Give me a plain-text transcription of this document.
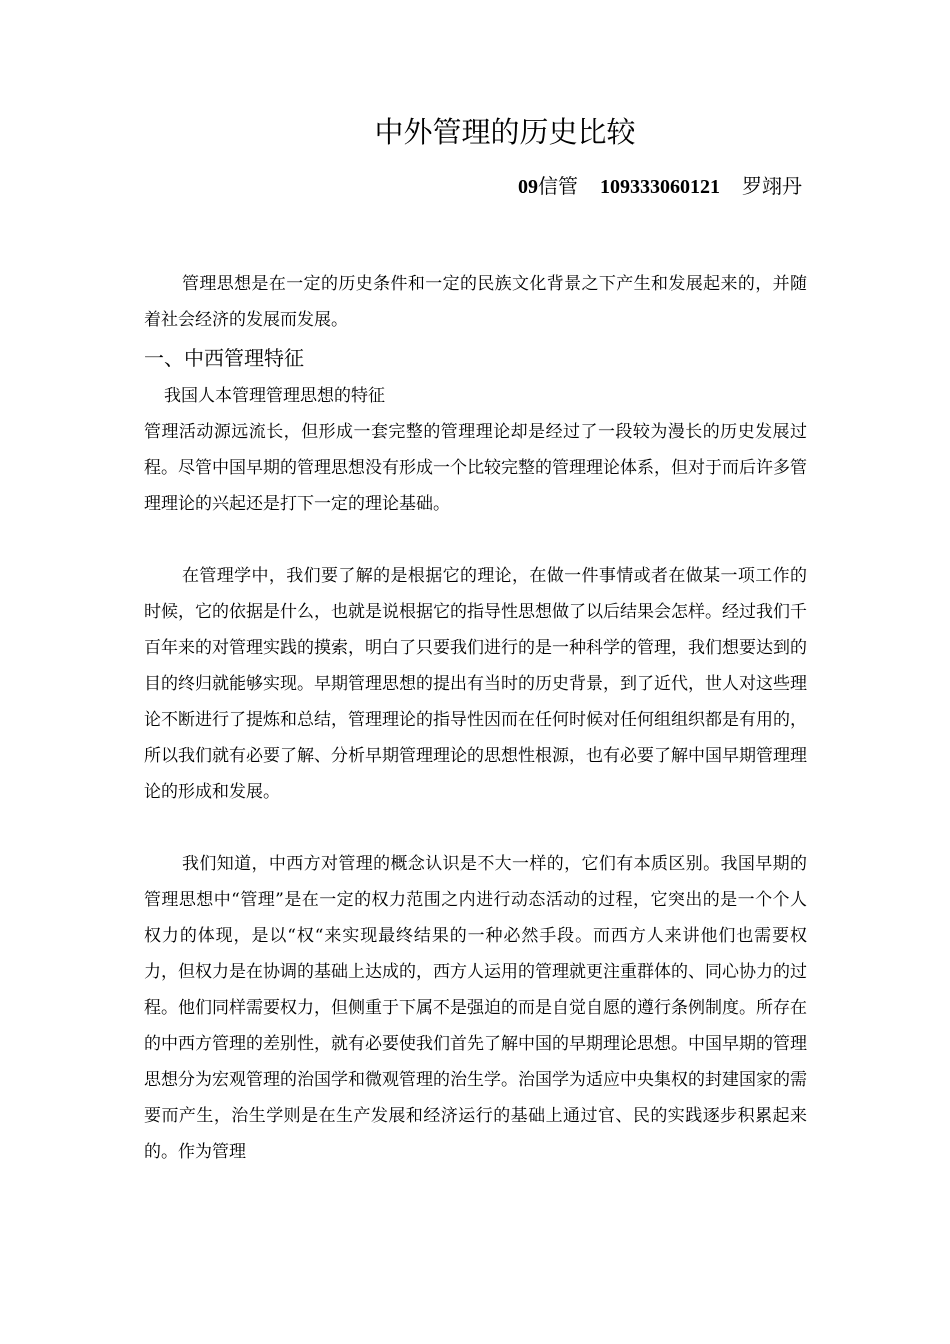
中外管理的历史比较
09信管 109333060121 罗翊丹

管理思想是在一定的历史条件和一定的民族文化背景之下产生和发展起来的，并随着社会经济的发展而发展。

一、中西管理特征

我国人本管理管理思想的特征

管理活动源远流长，但形成一套完整的管理理论却是经过了一段较为漫长的历史发展过程。尽管中国早期的管理思想没有形成一个比较完整的管理理论体系，但对于而后许多管理理论的兴起还是打下一定的理论基础。

在管理学中，我们要了解的是根据它的理论，在做一件事情或者在做某一项工作的时候，它的依据是什么，也就是说根据它的指导性思想做了以后结果会怎样。经过我们千百年来的对管理实践的摸索，明白了只要我们进行的是一种科学的管理，我们想要达到的目的终归就能够实现。早期管理思想的提出有当时的历史背景，到了近代，世人对这些理论不断进行了提炼和总结，管理理论的指导性因而在任何时候对任何组组织都是有用的，所以我们就有必要了解、分析早期管理理论的思想性根源，也有必要了解中国早期管理理论的形成和发展。

我们知道，中西方对管理的概念认识是不大一样的，它们有本质区别。我国早期的管理思想中“管理”是在一定的权力范围之内进行动态活动的过程，它突出的是一个个人权力的体现，是以“权“来实现最终结果的一种必然手段。而西方人来讲他们也需要权力，但权力是在协调的基础上达成的，西方人运用的管理就更注重群体的、同心协力的过程。他们同样需要权力，但侧重于下属不是强迫的而是自觉自愿的遵行条例制度。所存在的中西方管理的差别性，就有必要使我们首先了解中国的早期理论思想。中国早期的管理思想分为宏观管理的治国学和微观管理的治生学。治国学为适应中央集权的封建国家的需要而产生，治生学则是在生产发展和经济运行的基础上通过官、民的实践逐步积累起来的。作为管理
